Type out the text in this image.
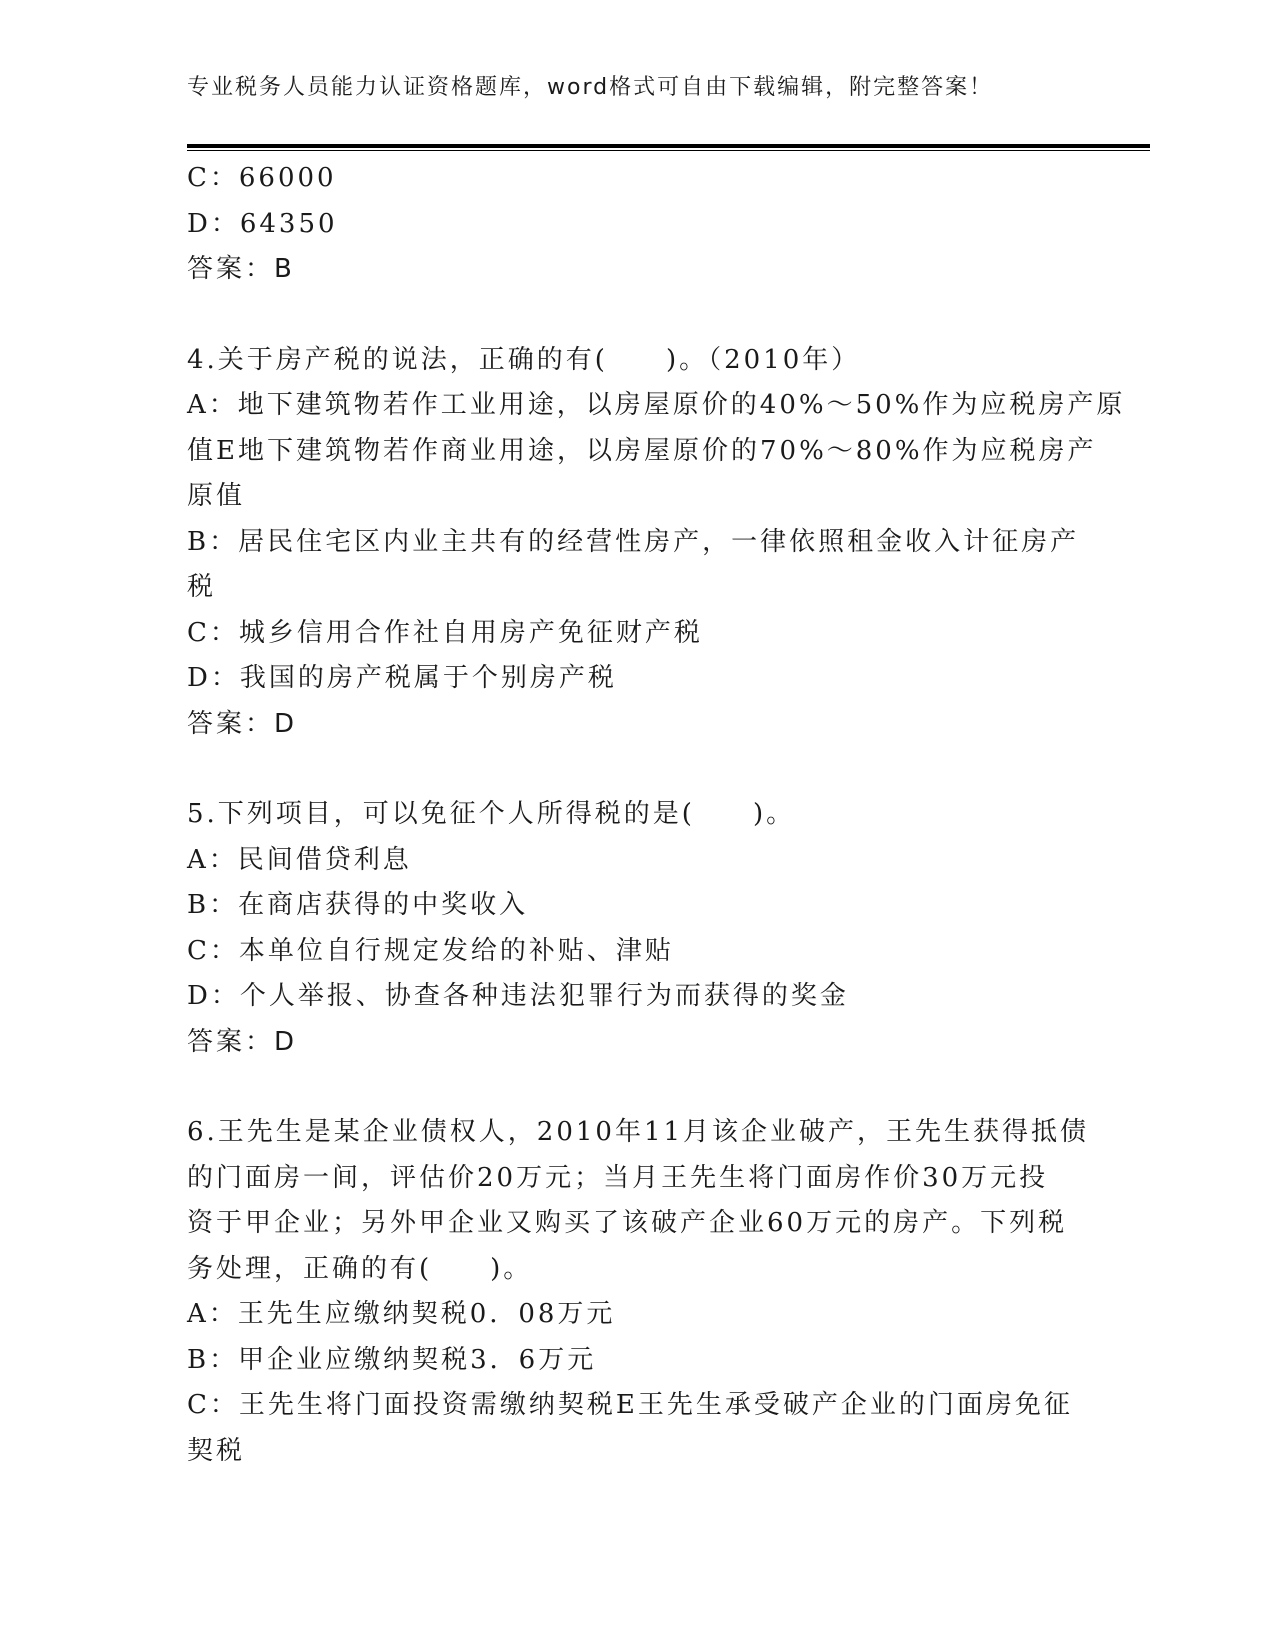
专业税务人员能力认证资格题库，word格式可自由下载编辑，附完整答案！
C：66000
D：64350
答案：B
4.关于房产税的说法，正确的有(　　)。（2010年）
A：地下建筑物若作工业用途，以房屋原价的40%～50%作为应税房产原
值E地下建筑物若作商业用途，以房屋原价的70%～80%作为应税房产
原值
B：居民住宅区内业主共有的经营性房产，一律依照租金收入计征房产
税
C：城乡信用合作社自用房产免征财产税
D：我国的房产税属于个别房产税
答案：D
5.下列项目，可以免征个人所得税的是(　　)。
A：民间借贷利息
B：在商店获得的中奖收入
C：本单位自行规定发给的补贴、津贴
D：个人举报、协查各种违法犯罪行为而获得的奖金
答案：D
6.王先生是某企业债权人，2010年11月该企业破产，王先生获得抵债
的门面房一间，评估价20万元；当月王先生将门面房作价30万元投
资于甲企业；另外甲企业又购买了该破产企业60万元的房产。下列税
务处理，正确的有(　　)。
A：王先生应缴纳契税0．08万元
B：甲企业应缴纳契税3．6万元
C：王先生将门面投资需缴纳契税E王先生承受破产企业的门面房免征
契税
